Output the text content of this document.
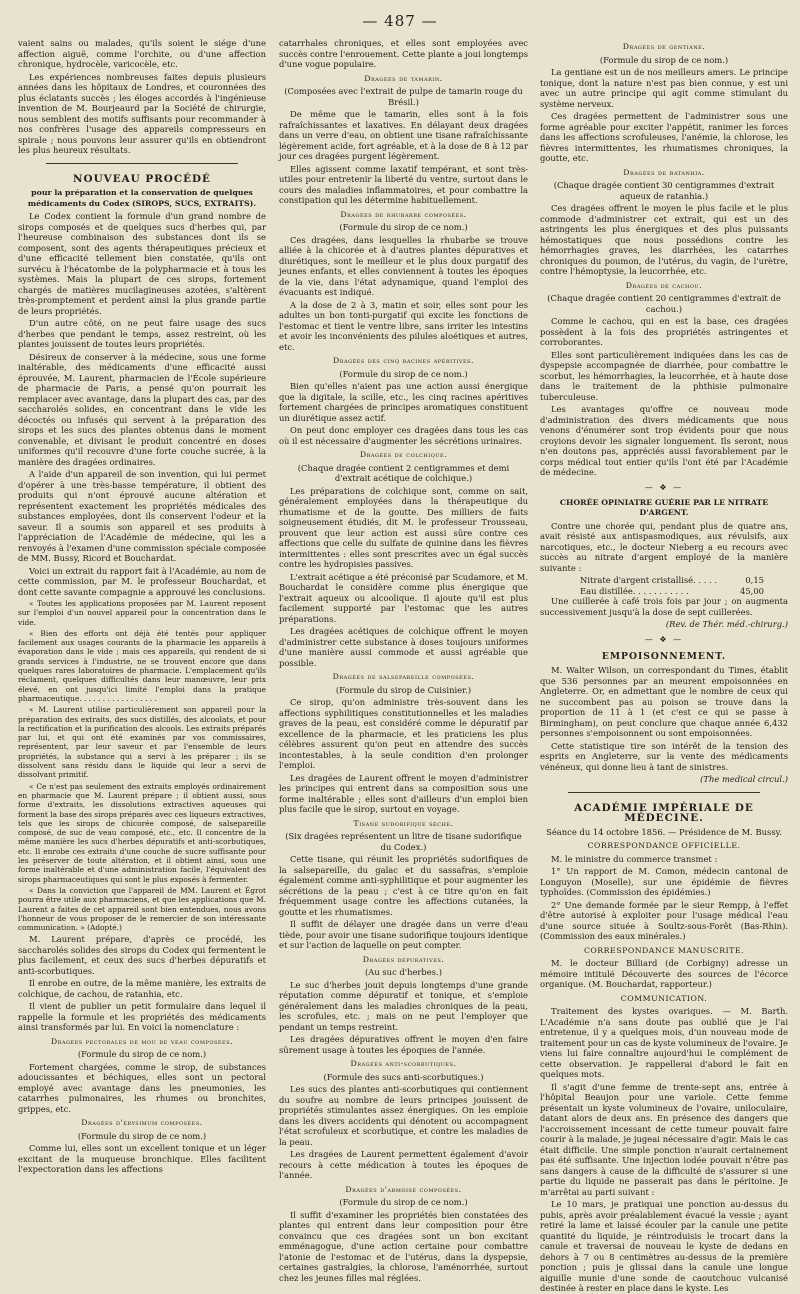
— 487 —

vaient sains ou malades, qu'ils soient le siége d'une affection aiguë, comme l'orchite, ou d'une affection chronique, hydrocèle, varicocèle, etc.

Les expériences nombreuses faites depuis plusieurs années dans les hôpitaux de Londres, et couronnées des plus éclatants succès ; les éloges accordés à l'ingénieuse invention de M. Bourjeaurd par la Société de chirurgie, nous semblent des motifs suffisants pour recommander à nos confrères l'usage des appareils compresseurs en spirale ; nous pouvons leur assurer qu'ils en obtiendront les plus heureux résultats.

NOUVEAU PROCÉDÉ
pour la préparation et la conservation de quelques médicaments du Codex (SIROPS, SUCS, EXTRAITS).

Le Codex contient la formule d'un grand nombre de sirops composés et de quelques sucs d'herbes qui, par l'heureuse combinaison des substances dont ils se composent, sont des agents thérapeutiques précieux et d'une efficacité tellement bien constatée, qu'ils ont survécu à l'hécatombe de la polypharmacie et à tous les systèmes. Mais la plupart de ces sirops, fortement chargés de matières mucilagineuses azotées, s'altèrent très-promptement et perdent ainsi la plus grande partie de leurs propriétés.

D'un autre côté, on ne peut faire usage des sucs d'herbes que pendant le temps, assez restreint, où les plantes jouissent de toutes leurs propriétés.

Désireux de conserver à la médecine, sous une forme inaltérable, des médicaments d'une efficacité aussi éprouvée, M. Laurent, pharmacien de l'École supérieure de pharmacie de Paris, a pensé qu'on pourrait les remplacer avec avantage, dans la plupart des cas, par des saccharolés solides, en concentrant dans le vide les décoctés ou infusés qui servent à la préparation des sirops et les sucs des plantes obtenus dans le moment convenable, et divisant le produit concentré en doses uniformes qu'il recouvre d'une forte couche sucrée, à la manière des dragées ordinaires.

A l'aide d'un appareil de son invention, qui lui permet d'opérer à une très-basse température, il obtient des produits qui n'ont éprouvé aucune altération et représentent exactement les propriétés médicales des substances employées, dont ils conservent l'odeur et la saveur. Il a soumis son appareil et ses produits à l'appréciation de l'Académie de médecine, qui les a renvoyés à l'examen d'une commission spéciale composée de MM. Bussy, Ricord et Bouchardat.

Voici un extrait du rapport fait à l'Académie, au nom de cette commission, par M. le professeur Bouchardat, et dont cette savante compagnie a approuvé les conclusions.

« Toutes les applications proposées par M. Laurent reposent sur l'emploi d'un nouvel appareil pour la concentration dans le vide.

« Bien des efforts ont déjà été tentés pour appliquer facilement aux usages courants de la pharmacie les appareils à évaporation dans le vide ; mais ces appareils, qui rendent de si grands services à l'industrie, ne se trouvent encore que dans quelques rares laboratoires de pharmacie. L'emplacement qu'ils réclament, quelques difficultés dans leur manœuvre, leur prix élevé, en ont jusqu'ici limité l'emploi dans la pratique pharmaceutique. . . . . . . . . . . . . . . . .

« M. Laurent utilise particulièrement son appareil pour la préparation des extraits, des sucs distillés, des alcoolats, et pour la rectification et la purification des alcools. Les extraits préparés par lui, et qui ont été examinés par vos commissaires, représentent, par leur saveur et par l'ensemble de leurs propriétés, la substance qui a servi à les préparer ; ils se dissolvent sans résidu dans le liquide qui leur a servi de dissolvant primitif.

« Ce n'est pas seulement des extraits employés ordinairement en pharmacie que M. Laurent prépare ; il obtient aussi, sous forme d'extraits, les dissolutions extractives aqueuses qui forment la base des sirops préparés avec ces liqueurs extractives, tels que les sirops de chicorée composé, de salsepareille composé, de suc de veau composé, etc., etc. Il concentre de la même manière les sucs d'herbes dépuratifs et anti-scorbutiques, etc. Il enrobe ces extraits d'une couche de sucre suffisante pour les préserver de toute altération, et il obtient ainsi, sous une forme inaltérable et d'une administration facile, l'équivalent des sirops pharmaceutiques qui sont le plus exposés à fermenter.

« Dans la conviction que l'appareil de MM. Laurent et Égrot pourra être utile aux pharmaciens, et que les applications que M. Laurent a faites de cet appareil sont bien entendues, nous avons l'honneur de vous proposer de le remercier de son intéressante communication. » (Adopté.)

M. Laurent prépare, d'après ce procédé, les saccharolés solides des sirops du Codex qui fermentent le plus facilement, et ceux des sucs d'herbes dépuratifs et anti-scorbutiques.

Il enrobe en outre, de la même manière, les extraits de colchique, de cachou, de ratanhia, etc.

Il vient de publier un petit formulaire dans lequel il rappelle la formule et les propriétés des médicaments ainsi transformés par lui. En voici la nomenclature :

Dragées pectorales de mou de veau composées.

(Formule du sirop de ce nom.)

Fortement chargées, comme le sirop, de substances adoucissantes et béchiques, elles sont un pectoral employé avec avantage dans les pneumonies, les catarrhes pulmonaires, les rhumes ou bronchites, grippes, etc.

Dragées d'érysimum composées.

(Formule du sirop de ce nom.)

Comme lui, elles sont un excellent tonique et un léger excitant de la muqueuse bronchique. Elles facilitent l'expectoration dans les affections

catarrhales chroniques, et elles sont employées avec succès contre l'enrouement. Cette plante a joui longtemps d'une vogue populaire.

Dragées de tamarin.

(Composées avec l'extrait de pulpe de tamarin rouge du Brésil.)

De même que le tamarin, elles sont à la fois rafraîchissantes et laxatives. En délayant deux dragées dans un verre d'eau, on obtient une tisane rafraîchissante légèrement acide, fort agréable, et à la dose de 8 à 12 par jour ces dragées purgent légèrement.

Elles agissent comme laxatif tempérant, et sont très-utiles pour entretenir la liberté du ventre, surtout dans le cours des maladies inflammatoires, et pour combattre la constipation qui les détermine habituellement.

Dragées de rhubarbe composées.

(Formule du sirop de ce nom.)

Ces dragées, dans lesquelles la rhubarbe se trouve alliée à la chicorée et à d'autres plantes dépuratives et diurétiques, sont le meilleur et le plus doux purgatif des jeunes enfants, et elles conviennent à toutes les époques de la vie, dans l'état adynamique, quand l'emploi des évacuants est indiqué.

A la dose de 2 à 3, matin et soir, elles sont pour les adultes un bon tonti-purgatif qui excite les fonctions de l'estomac et tient le ventre libre, sans irriter les intestins et avoir les inconvénients des pilules aloétiques et autres, etc.

Dragées des cinq racines apéritives.

(Formule du sirop de ce nom.)

Bien qu'elles n'aient pas une action aussi énergique que la digitale, la scille, etc., les cinq racines apéritives fortement chargées de principes aromatiques constituent un diurétique assez actif.

On peut donc employer ces dragées dans tous les cas où il est nécessaire d'augmenter les sécrétions urinaires.

Dragées de colchique.

(Chaque dragée contient 2 centigrammes et demi d'extrait acétique de colchique.)

Les préparations de colchique sont, comme on sait, généralement employées dans la thérapeutique du rhumatisme et de la goutte. Des milliers de faits soigneusement étudiés, dit M. le professeur Trousseau, prouvent que leur action est aussi sûre contre ces affections que celle du sulfate de quinine dans les fièvres intermittentes : elles sont prescrites avec un égal succès contre les hydropisies passives.

L'extrait acétique a été préconisé par Scudamore, et M. Bouchardat le considère comme plus énergique que l'extrait aqueux ou alcoolique. Il ajoute qu'il est plus facilement supporté par l'estomac que les autres préparations.

Les dragées acétiques de colchique offrent le moyen d'administrer cette substance à doses toujours uniformes d'une manière aussi commode et aussi agréable que possible.

Dragées de salsepareille composées.

(Formule du sirop de Cuisinier.)

Ce sirop, qu'on administre très-souvent dans les affections syphilitiques constitutionnelles et les maladies graves de la peau, est considéré comme le dépuratif par excellence de la pharmacie, et les praticiens les plus célèbres assurent qu'on peut en attendre des succès incontestables, à la seule condition d'en prolonger l'emploi.

Les dragées de Laurent offrent le moyen d'administrer les principes qui entrent dans sa composition sous une forme inaltérable ; elles sont d'ailleurs d'un emploi bien plus facile que le sirop, surtout en voyage.

Tisane sudorifique sèche.

(Six dragées représentent un litre de tisane sudorifique du Codex.)

Cette tisane, qui réunit les propriétés sudorifiques de la salsepareille, du gaïac et du sassafras, s'emploie également comme anti-syphilitique et pour augmenter les sécrétions de la peau ; c'est à ce titre qu'on en fait fréquemment usage contre les affections cutanées, la goutte et les rhumatismes.

Il suffit de délayer une dragée dans un verre d'eau tiède, pour avoir une tisane sudorifique toujours identique et sur l'action de laquelle on peut compter.

Dragées dépuratives.

(Au suc d'herbes.)

Le suc d'herbes jouit depuis longtemps d'une grande réputation comme dépuratif et tonique, et s'emploie généralement dans les maladies chroniques de la peau, les scrofules, etc. ; mais on ne peut l'employer que pendant un temps restreint.

Les dragées dépuratives offrent le moyen d'en faire sûrement usage à toutes les époques de l'année.

Dragées anti-scorbutiques.

(Formule des sucs anti-scorbutiques.)

Les sucs des plantes anti-scorbutiques qui contiennent du soufre au nombre de leurs principes jouissent de propriétés stimulantes assez énergiques. On les emploie dans les divers accidents qui dénotent ou accompagnent l'état scrofuleux et scorbutique, et contre les maladies de la peau.

Les dragées de Laurent permettent également d'avoir recours à cette médication à toutes les époques de l'année.

Dragées d'armoise composées.

(Formule du sirop de ce nom.)

Il suffit d'examiner les propriétés bien constatées des plantes qui entrent dans leur composition pour être convaincu que ces dragées sont un bon excitant emménagogue, d'une action certaine pour combattre l'atonie de l'estomac et de l'utérus, dans la dyspepsie, certaines gastralgies, la chlorose, l'aménorrhée, surtout chez les jeunes filles mal réglées.

Dragées de gentiane.

(Formule du sirop de ce nom.)

La gentiane est un de nos meilleurs amers. Le principe tonique, dont la nature n'est pas bien connue, y est uni avec un autre principe qui agit comme stimulant du système nerveux.

Ces dragées permettent de l'administrer sous une forme agréable pour exciter l'appétit, ranimer les forces dans les affections scrofuleuses, l'anémie, la chlorose, les fièvres intermittentes, les rhumatismes chroniques, la goutte, etc.

Dragées de ratanhia.

(Chaque dragée contient 30 centigrammes d'extrait aqueux de ratanhia.)

Ces dragées offrent le moyen le plus facile et le plus commode d'administrer cet extrait, qui est un des astringents les plus énergiques et des plus puissants hémostatiques que nous possédions contre les hémorrhagies graves, les diarrhées, les catarrhes chroniques du poumon, de l'utérus, du vagin, de l'urètre, contre l'hémoptysie, la leucorrhée, etc.

Dragées de cachou.

(Chaque dragée contient 20 centigrammes d'extrait de cachou.)

Comme le cachou, qui en est la base, ces dragées possèdent à la fois des propriétés astringentes et corroborantes.

Elles sont particulièrement indiquées dans les cas de dyspepsie accompagnée de diarrhée, pour combattre le scorbut, les hémorrhagies, la leucorrhée, et à haute dose dans le traitement de la phthisie pulmonaire tuberculeuse.

Les avantages qu'offre ce nouveau mode d'administration des divers médicaments que nous venons d'énumérer sont trop évidents pour que nous croyions devoir les signaler longuement. Ils seront, nous n'en doutons pas, appréciés aussi favorablement par le corps médical tout entier qu'ils l'ont été par l'Académie de médecine.

— ❖ —
CHORÉE OPINIATRE GUÉRIE PAR LE NITRATE D'ARGENT.

Contre une chorée qui, pendant plus de quatre ans, avait résisté aux antispasmodiques, aux révulsifs, aux narcotiques, etc., le docteur Nieberg a eu recours avec succès au nitrate d'argent employé de la manière suivante :

Nitrate d'argent cristallisé. . . . .	0,15
Eau distillée. . . . . . . . . . .	45,00

Une cuillerée à café trois fois par jour ; on augmenta successivement jusqu'à la dose de sept cuillerées.

(Rev. de Thér. méd.-chirurg.)

— ❖ —
EMPOISONNEMENT.

M. Walter Wilson, un correspondant du Times, établit que 536 personnes par an meurent empoisonnées en Angleterre. Or, en admettant que le nombre de ceux qui ne succombent pas au poison se trouve dans la proportion de 11 à 1 (et c'est ce qui se passe à Birmingham), on peut conclure que chaque année 6,432 personnes s'empoisonnent ou sont empoisonnées.

Cette statistique tire son intérêt de la tension des esprits en Angleterre, sur la vente des médicaments vénéneux, qui donne lieu à tant de sinistres.

(The medical circul.)

ACADÉMIE IMPÉRIALE DE MÉDECINE.

Séance du 14 octobre 1856. — Présidence de M. Bussy.

CORRESPONDANCE OFFICIELLE.

M. le ministre du commerce transmet :

1° Un rapport de M. Comon, médecin cantonal de Longuyon (Moselle), sur une épidémie de fièvres typhoïdes. (Commission des épidémies.)

2° Une demande formée par le sieur Rempp, à l'effet d'être autorisé à exploiter pour l'usage médical l'eau d'une source située à Soultz-sous-Forêt (Bas-Rhin). (Commission des eaux minérales.)

CORRESPONDANCE MANUSCRITE.

M. le docteur Billiard (de Corbigny) adresse un mémoire intitulé Découverte des sources de l'écorce organique. (M. Bouchardat, rapporteur.)

COMMUNICATION.

Traitement des kystes ovariques. — M. Barth. L'Académie n'a sans doute pas oublié que je l'ai entretenue, il y a quelques mois, d'un nouveau mode de traitement pour un cas de kyste volumineux de l'ovaire. Je viens lui faire connaître aujourd'hui le complément de cette observation. Je rappellerai d'abord le fait en quelques mots.

Il s'agit d'une femme de trente-sept ans, entrée à l'hôpital Beaujon pour une variole. Cette femme présentait un kyste volumineux de l'ovaire, uniloculaire, datant alors de deux ans. En présence des dangers que l'accroissement incessant de cette tumeur pouvait faire courir à la malade, je jugeai nécessaire d'agir. Mais le cas était difficile. Une simple ponction n'aurait certainement pas été suffisante. Une injection iodée pouvait n'être pas sans dangers à cause de la difficulté de s'assurer si une partie du liquide ne passerait pas dans le péritoine. Je m'arrêtai au parti suivant :

Le 10 mars, je pratiquai une ponction au-dessus du pubis, après avoir préalablement évacué la vessie ; ayant retiré la lame et laissé écouler par la canule une petite quantité du liquide, je réintroduisis le trocart dans la canule et traversai de nouveau le kyste de dedans en dehors à 7 ou 8 centimètres au-dessus de la première ponction ; puis je glissai dans la canule une longue aiguille munie d'une sonde de caoutchouc vulcanisé destinée à rester en place dans le kyste. Les
